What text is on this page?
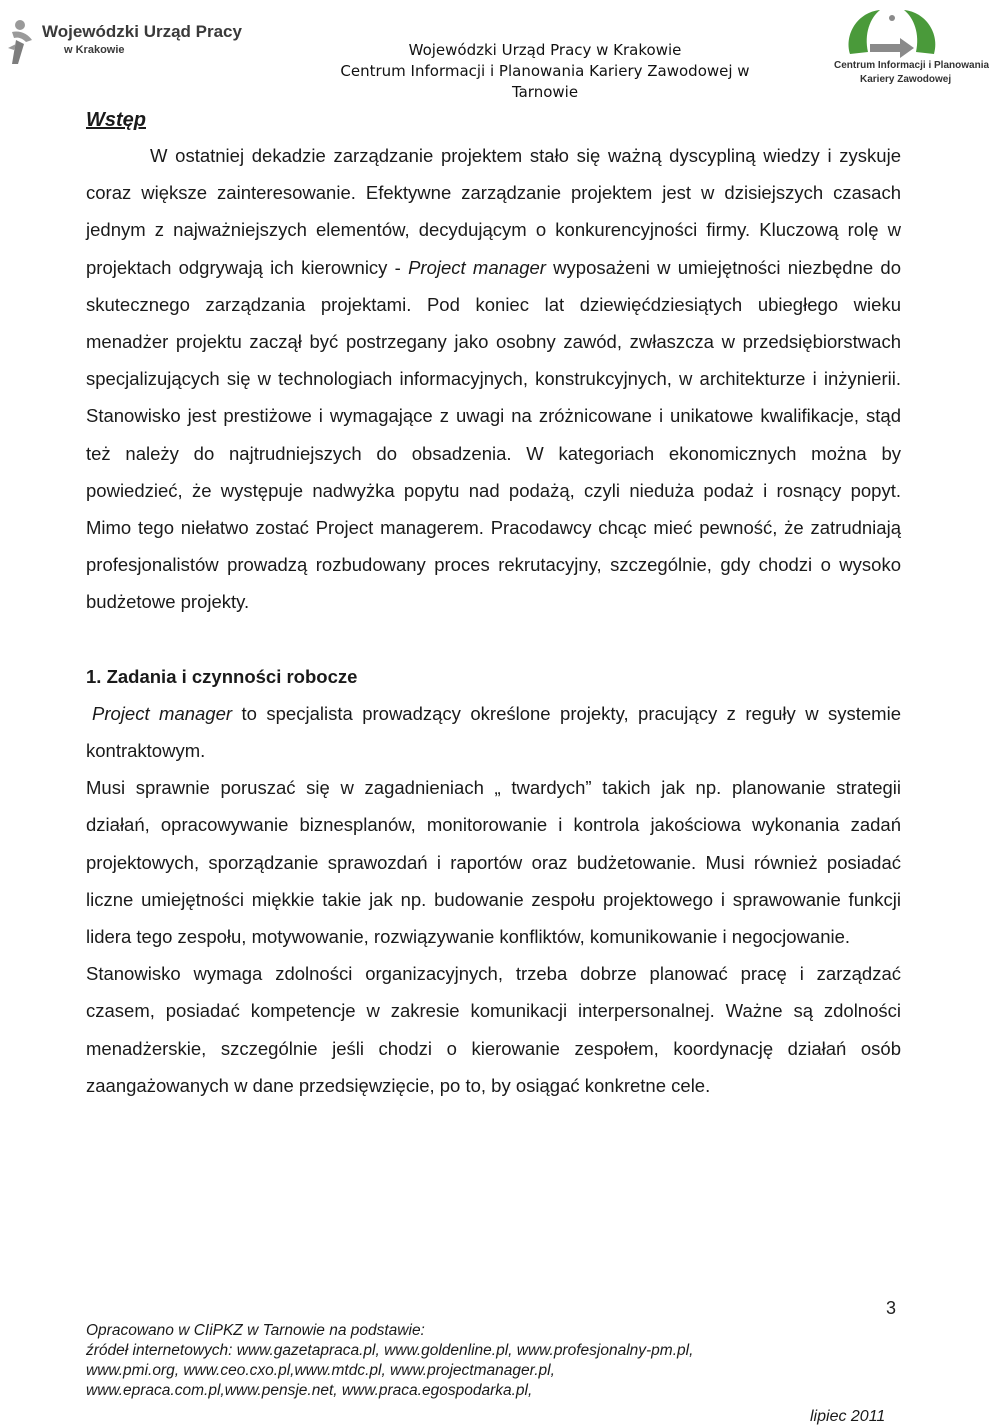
Wojewódzki Urząd Pracy
w Krakowie	Wojewódzki Urząd Pracy w Krakowie
Centrum Informacji i Planowania Kariery Zawodowej w Tarnowie
Centrum Informacji i Planowania
Kariery Zawodowej
Wstęp

W ostatniej dekadzie zarządzanie projektem stało się ważną dyscypliną wiedzy i zyskuje coraz większe zainteresowanie. Efektywne zarządzanie projektem jest w dzisiejszych czasach jednym z najważniejszych elementów, decydującym o konkurencyjności firmy. Kluczową rolę w projektach odgrywają ich kierownicy - Project manager wyposażeni w umiejętności niezbędne do skutecznego zarządzania projektami. Pod koniec lat dziewięćdziesiątych ubiegłego wieku menadżer projektu zaczął być postrzegany jako osobny zawód, zwłaszcza w przedsiębiorstwach specjalizujących się w technologiach informacyjnych, konstrukcyjnych, w architekturze i inżynierii. Stanowisko jest prestiżowe i wymagające z uwagi na zróżnicowane i unikatowe kwalifikacje, stąd też należy do najtrudniejszych do obsadzenia. W kategoriach ekonomicznych można by powiedzieć, że występuje nadwyżka popytu nad podażą, czyli nieduża podaż i rosnący popyt. Mimo tego niełatwo zostać Project managerem. Pracodawcy chcąc mieć pewność, że zatrudniają profesjonalistów prowadzą rozbudowany proces rekrutacyjny, szczególnie, gdy chodzi o wysoko budżetowe projekty.

1. Zadania i czynności robocze

Project manager to specjalista prowadzący określone projekty, pracujący z reguły w systemie kontraktowym.

Musi sprawnie poruszać się w zagadnieniach „ twardych” takich jak np. planowanie strategii działań, opracowywanie biznesplanów, monitorowanie i kontrola jakościowa wykonania zadań projektowych, sporządzanie sprawozdań i raportów oraz budżetowanie. Musi również posiadać liczne umiejętności miękkie takie jak np. budowanie zespołu projektowego i sprawowanie funkcji lidera tego zespołu, motywowanie, rozwiązywanie konfliktów, komunikowanie i negocjowanie.

Stanowisko wymaga zdolności organizacyjnych, trzeba dobrze planować pracę i zarządzać czasem, posiadać kompetencje w zakresie komunikacji interpersonalnej. Ważne są zdolności menadżerskie, szczególnie jeśli chodzi o kierowanie zespołem, koordynację działań osób zaangażowanych w dane przedsięwzięcie, po to, by osiągać konkretne cele.

3
Opracowano w CIiPKZ w Tarnowie na podstawie:
źródeł internetowych: www.gazetapraca.pl, www.goldenline.pl, www.profesjonalny-pm.pl,
www.pmi.org, www.ceo.cxo.pl,www.mtdc.pl, www.projectmanager.pl,
www.epraca.com.pl,www.pensje.net, www.praca.egospodarka.pl,
lipiec 2011
